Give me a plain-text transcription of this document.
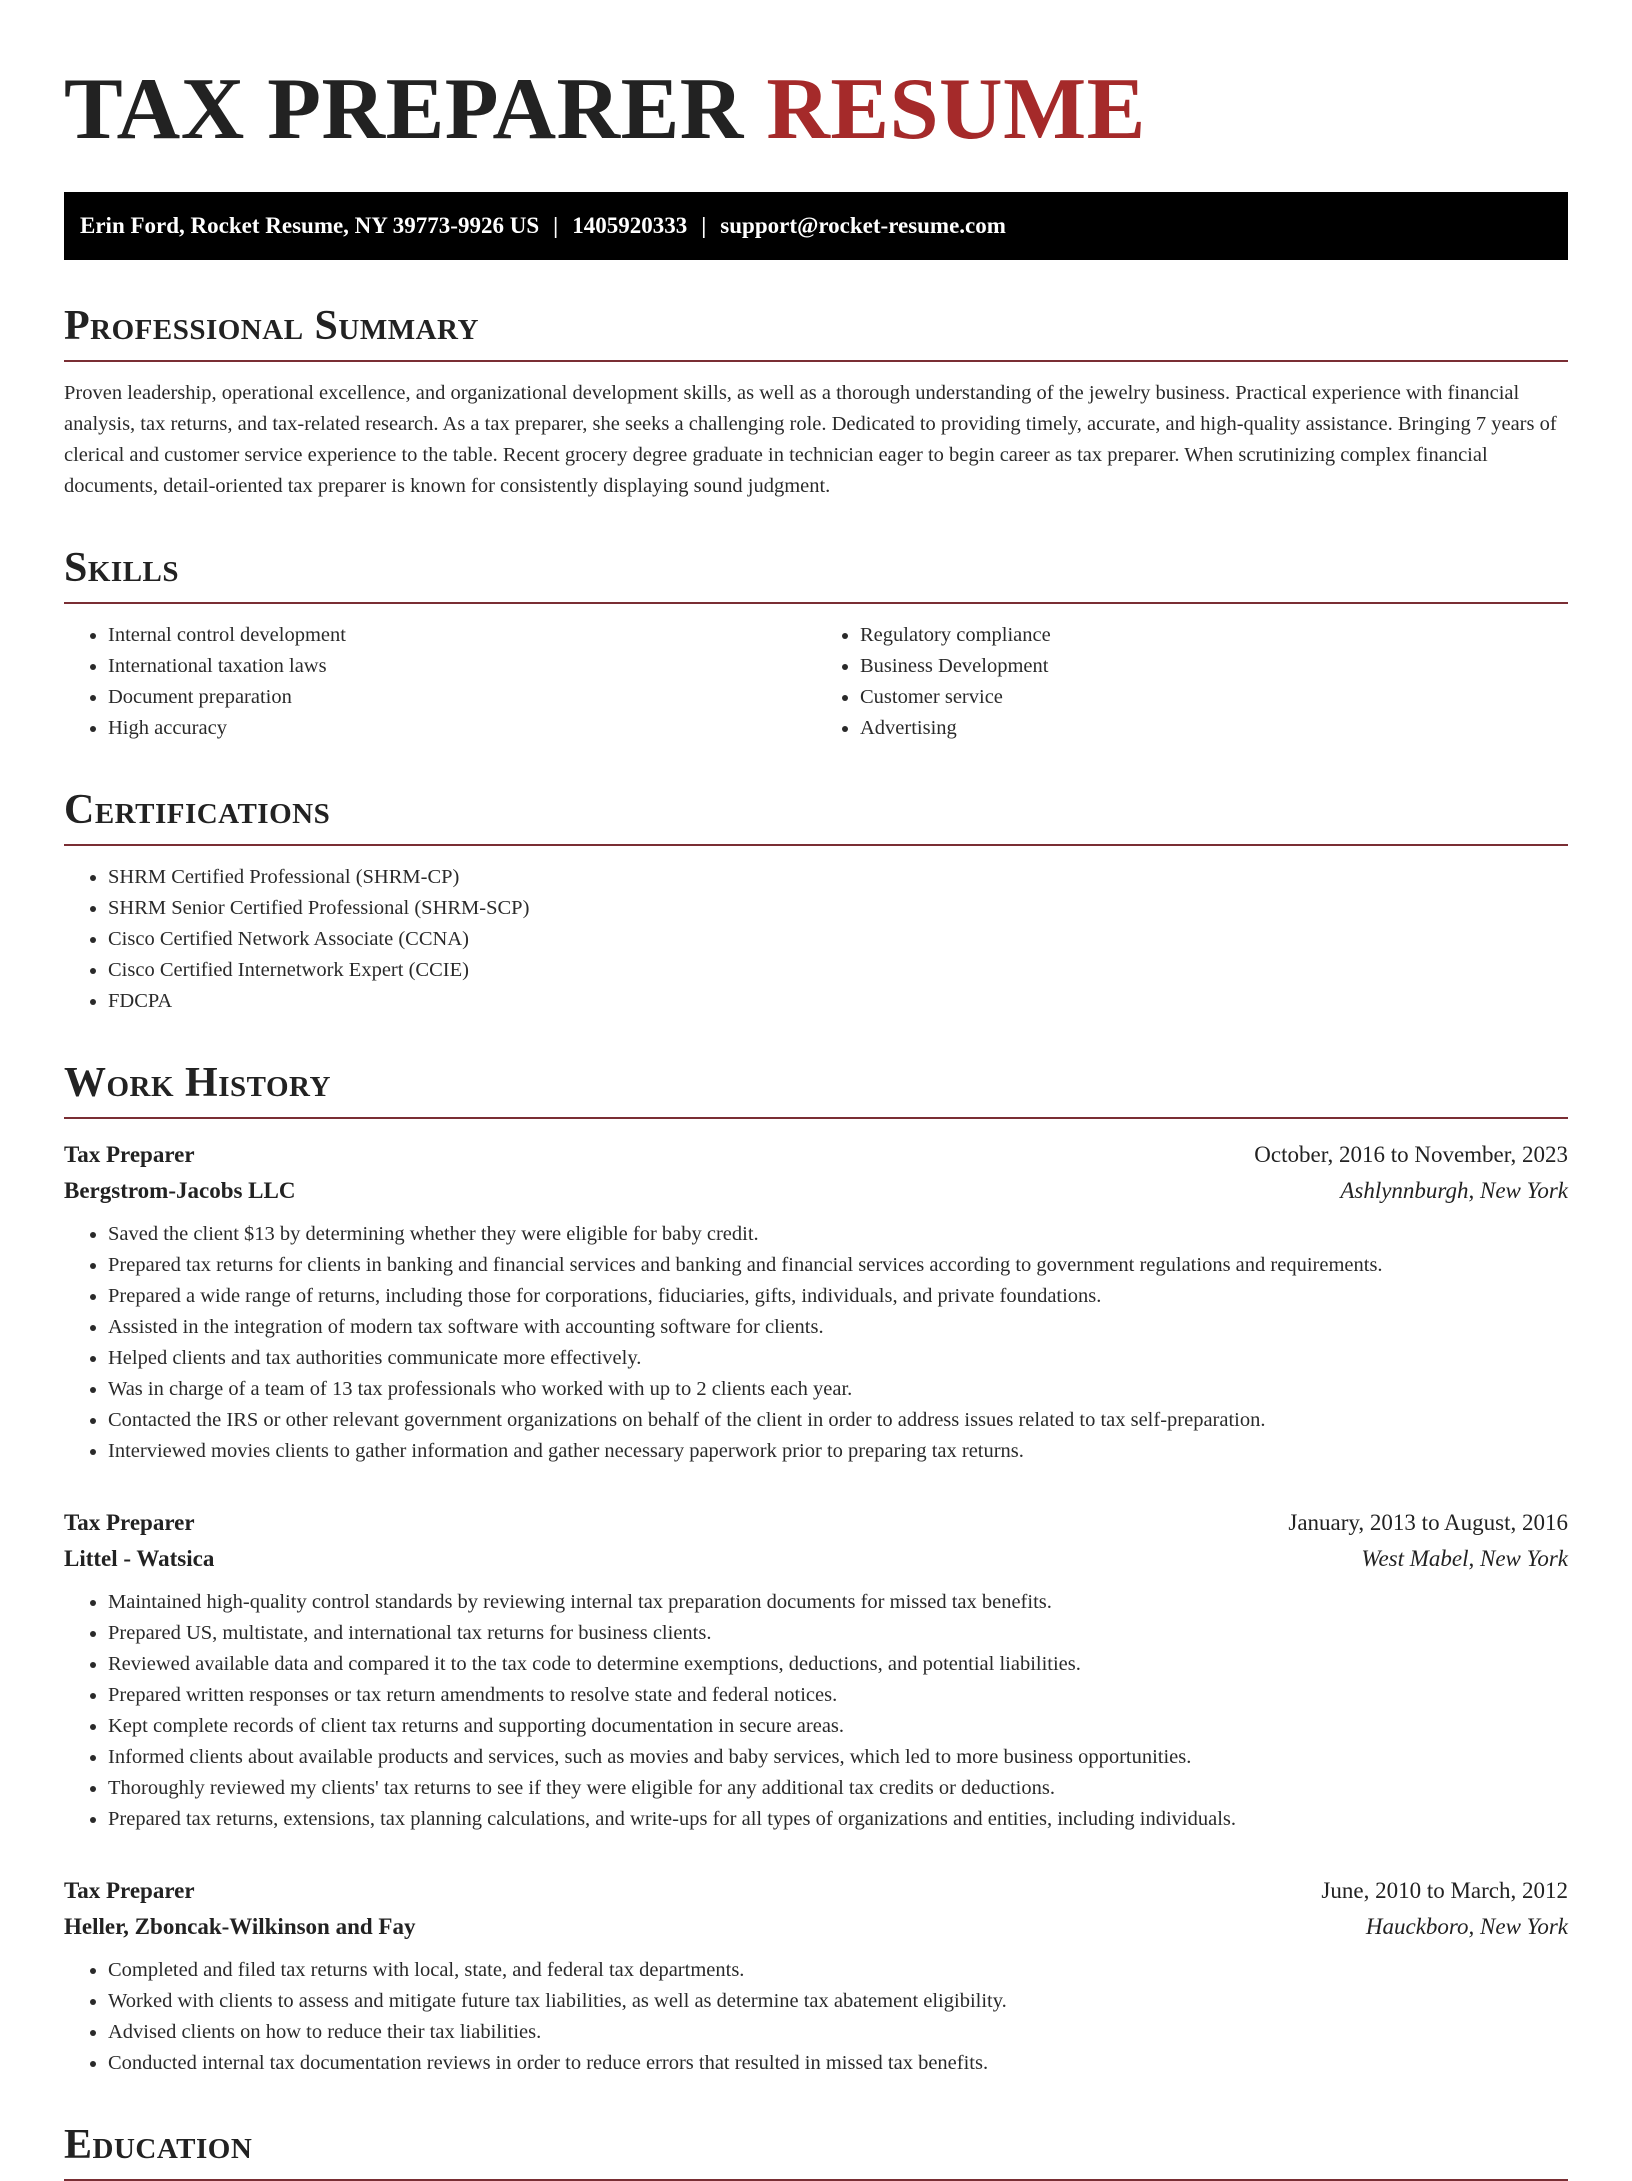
TAX PREPARER RESUME
Erin Ford, Rocket Resume, NY 39773-9926 US | 1405920333 | support@rocket-resume.com
Professional Summary

Proven leadership, operational excellence, and organizational development skills, as well as a thorough understanding of the jewelry business. Practical experience with financial analysis, tax returns, and tax-related research. As a tax preparer, she seeks a challenging role. Dedicated to providing timely, accurate, and high-quality assistance. Bringing 7 years of clerical and customer service experience to the table. Recent grocery degree graduate in technician eager to begin career as tax preparer. When scrutinizing complex financial documents, detail-oriented tax preparer is known for consistently displaying sound judgment.

Skills
• Internal control development
• International taxation laws
• Document preparation
• High accuracy
• Regulatory compliance
• Business Development
• Customer service
• Advertising
Certifications
• SHRM Certified Professional (SHRM-CP)
• SHRM Senior Certified Professional (SHRM-SCP)
• Cisco Certified Network Associate (CCNA)
• Cisco Certified Internetwork Expert (CCIE)
• FDCPA
Work History
Tax Preparer	October, 2016 to November, 2023
Bergstrom-Jacobs LLC	Ashlynnburgh, New York
• Saved the client $13 by determining whether they were eligible for baby credit.
• Prepared tax returns for clients in banking and financial services and banking and financial services according to government regulations and requirements.
• Prepared a wide range of returns, including those for corporations, fiduciaries, gifts, individuals, and private foundations.
• Assisted in the integration of modern tax software with accounting software for clients.
• Helped clients and tax authorities communicate more effectively.
• Was in charge of a team of 13 tax professionals who worked with up to 2 clients each year.
• Contacted the IRS or other relevant government organizations on behalf of the client in order to address issues related to tax self-preparation.
• Interviewed movies clients to gather information and gather necessary paperwork prior to preparing tax returns.
Tax Preparer	January, 2013 to August, 2016
Littel - Watsica	West Mabel, New York
• Maintained high-quality control standards by reviewing internal tax preparation documents for missed tax benefits.
• Prepared US, multistate, and international tax returns for business clients.
• Reviewed available data and compared it to the tax code to determine exemptions, deductions, and potential liabilities.
• Prepared written responses or tax return amendments to resolve state and federal notices.
• Kept complete records of client tax returns and supporting documentation in secure areas.
• Informed clients about available products and services, such as movies and baby services, which led to more business opportunities.
• Thoroughly reviewed my clients' tax returns to see if they were eligible for any additional tax credits or deductions.
• Prepared tax returns, extensions, tax planning calculations, and write-ups for all types of organizations and entities, including individuals.
Tax Preparer	June, 2010 to March, 2012
Heller, Zboncak-Wilkinson and Fay	Hauckboro, New York
• Completed and filed tax returns with local, state, and federal tax departments.
• Worked with clients to assess and mitigate future tax liabilities, as well as determine tax abatement eligibility.
• Advised clients on how to reduce their tax liabilities.
• Conducted internal tax documentation reviews in order to reduce errors that resulted in missed tax benefits.
Education
